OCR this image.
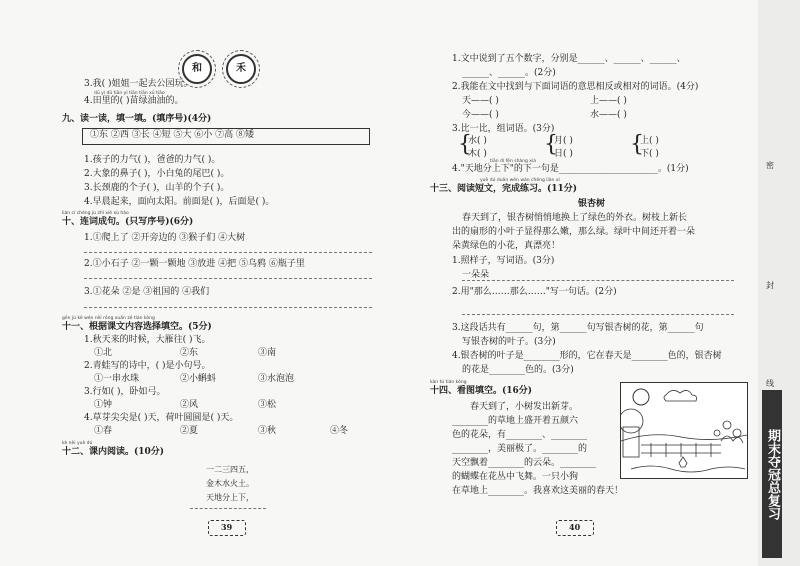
和	禾
3.我( )姐姐一起去公园玩。
dū yì dū tiān yì tiān tiān xū tiāo
4.田里的( )苗绿油油的。
九、读一读，填一填。(填序号)(4分)
①东 ②西 ③长 ④短 ⑤大 ⑥小 ⑦高 ⑧矮
1.孩子的力气( )，爸爸的力气( )。
2.大象的鼻子( )，小白兔的尾巴( )。
3.长颈鹿的个子( )，山羊的个子( )。
4.早晨起来，面向太阳。前面是( )，后面是( )。
lián cí chéng jù zhǐ xiě xù hào
十、连词成句。(只写序号)(6分)
1.①爬上了 ②开旁边的 ③猴子们 ④大树
2.①小石子 ②一颗一颗地 ③放进 ④把 ⑤乌鸦 ⑥瓶子里
3.①花朵 ②是 ③祖国的 ④我们
gēn jù kè wén nèi róng xuǎn zé tián kòng
十一、根据课文内容选择填空。(5分)
1.秋天来的时候，大雁往( )飞。
①北	②东	③南
2.青蛙写的诗中，( )是小句号。
①一串水珠	②小蝌蚪	③水泡泡
3.行如( )，卧如弓。
①钟	②风	③松
4.草芽尖尖是( )天，荷叶圆圆是( )天。
①春	②夏	③秋	④冬
kè nèi yuè dú
十二、课内阅读。(10分)
一二三四五，
金木水火土。
天地分上下，
39
1.文中说到了五个数字，分别是______、______、______、
______、______。(2分)
2.我能在文中找到与下面词语的意思相反或相对的词语。(4分)
天——( )	上——( )
今——( )	水——( )
3.比一比，组词语。(3分)
{
水( )
木( )	{
月( )
日( )	{
上( )
下( )
tiān dì fēn shàng xià
4."天地分上下"的下一句是______________________。(1分)
yuè dú duǎn wén wán chéng liàn xí
十三、阅读短文，完成练习。(11分)
银杏树
春天到了，银杏树悄悄地换上了绿色的外衣。树枝上新长
出的扇形的小叶子显得那么嫩，那么绿。绿叶中间还开着一朵
朵黄绿色的小花，真漂亮！
1.照样子，写词语。(3分)
一朵朵
2.用"那么……那么……"写一句话。(2分)
3.这段话共有______句，第______句写银杏树的花，第______句
写银杏树的叶子。(3分)
4.银杏树的叶子是________形的，它在春天是________色的，银杏树
的花是________色的。(3分)
kàn tú tián kòng
十四、看图填空。(16分)
春天到了，小树发出新芽。
________的草地上盛开着五颜六
色的花朵，有________、________
________，美丽极了。________的
天空飘着________的云朵。________
的蝴蝶在花丛中飞舞。一只小狗
在草地上________。我喜欢这美丽的春天！
40
密
封
线
期末夺冠总复习
